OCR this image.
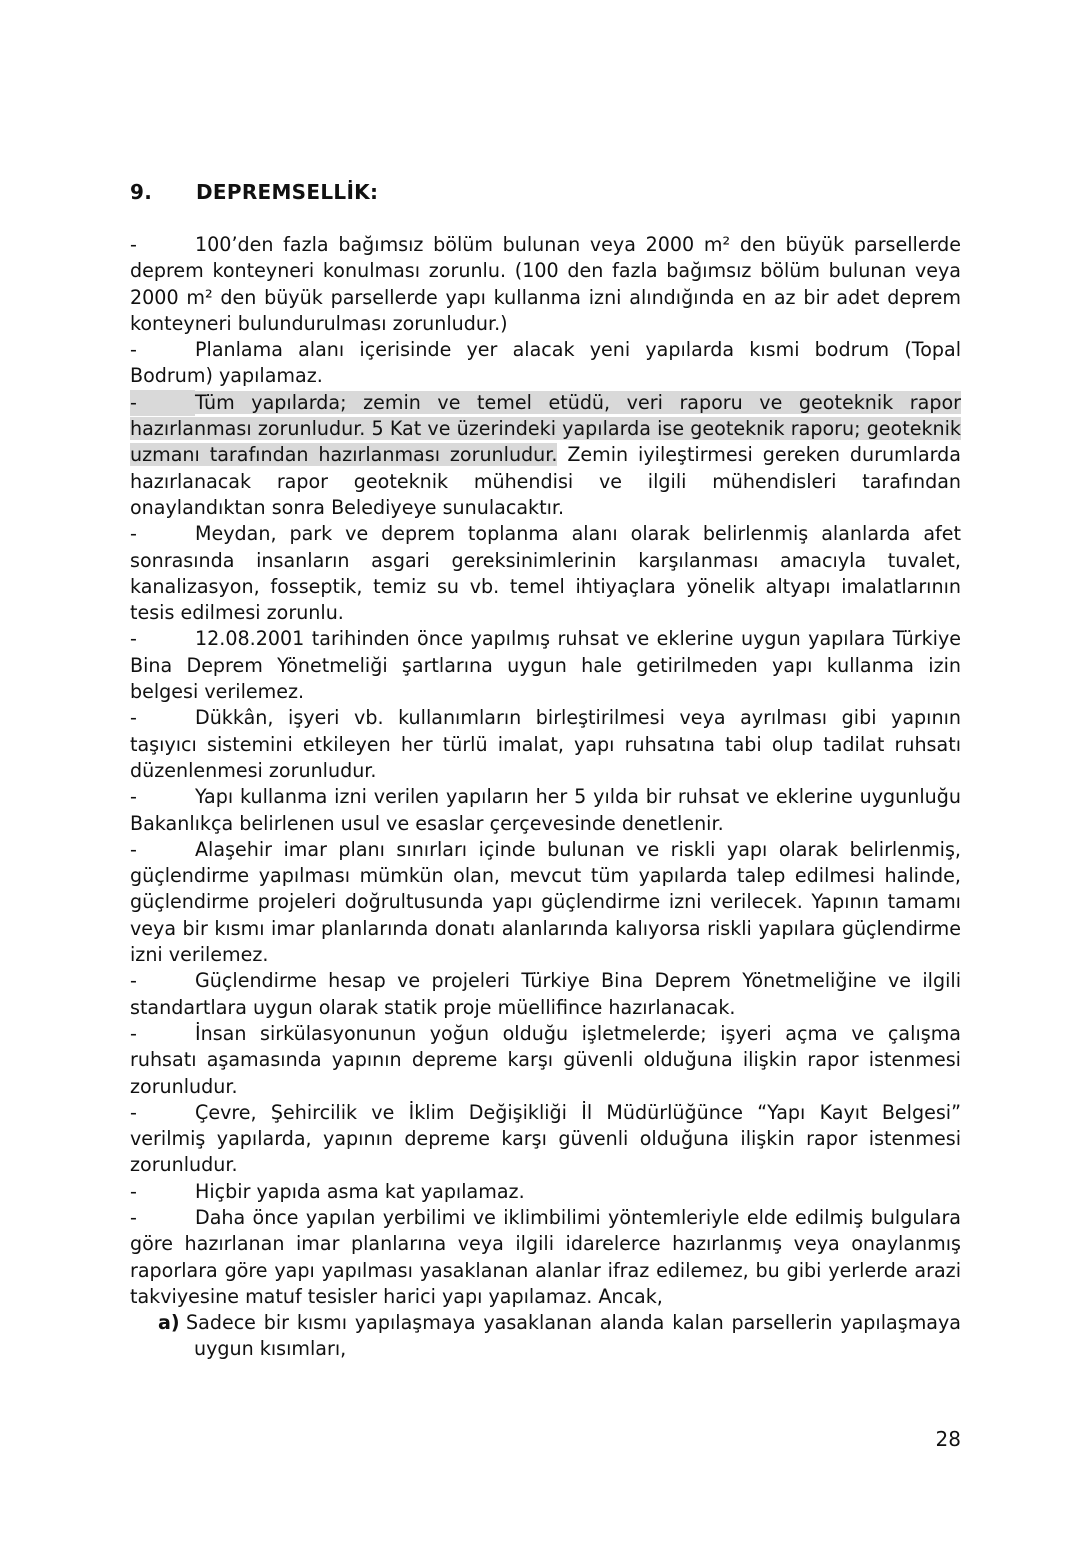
9. DEPREMSELLİK:

-	100’den fazla bağımsız bölüm bulunan veya 2000 m² den büyük parsellerde deprem konteyneri konulması zorunlu. (100 den fazla bağımsız bölüm bulunan veya 2000 m² den büyük parsellerde yapı kullanma izni alındığında en az bir adet deprem konteyneri bulundurulması zorunludur.)

-	Planlama alanı içerisinde yer alacak yeni yapılarda kısmi bodrum (Topal Bodrum) yapılamaz.

-	Tüm yapılarda; zemin ve temel etüdü, veri raporu ve geoteknik rapor hazırlanması zorunludur. 5 Kat ve üzerindeki yapılarda ise geoteknik raporu; geoteknik uzmanı tarafından hazırlanması zorunludur. Zemin iyileştirmesi gereken durumlarda hazırlanacak rapor geoteknik mühendisi ve ilgili mühendisleri tarafından onaylandıktan sonra Belediyeye sunulacaktır.

-	Meydan, park ve deprem toplanma alanı olarak belirlenmiş alanlarda afet sonrasında insanların asgari gereksinimlerinin karşılanması amacıyla tuvalet, kanalizasyon, fosseptik, temiz su vb. temel ihtiyaçlara yönelik altyapı imalatlarının tesis edilmesi zorunlu.

-	12.08.2001 tarihinden önce yapılmış ruhsat ve eklerine uygun yapılara Türkiye Bina Deprem Yönetmeliği şartlarına uygun hale getirilmeden yapı kullanma izin belgesi verilemez.

-	Dükkân, işyeri vb. kullanımların birleştirilmesi veya ayrılması gibi yapının taşıyıcı sistemini etkileyen her türlü imalat, yapı ruhsatına tabi olup tadilat ruhsatı düzenlenmesi zorunludur.

-	Yapı kullanma izni verilen yapıların her 5 yılda bir ruhsat ve eklerine uygunluğu Bakanlıkça belirlenen usul ve esaslar çerçevesinde denetlenir.

-	Alaşehir imar planı sınırları içinde bulunan ve riskli yapı olarak belirlenmiş, güçlendirme yapılması mümkün olan, mevcut tüm yapılarda talep edilmesi halinde, güçlendirme projeleri doğrultusunda yapı güçlendirme izni verilecek. Yapının tamamı veya bir kısmı imar planlarında donatı alanlarında kalıyorsa riskli yapılara güçlendirme izni verilemez.

-	Güçlendirme hesap ve projeleri Türkiye Bina Deprem Yönetmeliğine ve ilgili standartlara uygun olarak statik proje müellifince hazırlanacak.

-	İnsan sirkülasyonunun yoğun olduğu işletmelerde; işyeri açma ve çalışma ruhsatı aşamasında yapının depreme karşı güvenli olduğuna ilişkin rapor istenmesi zorunludur.

-	Çevre, Şehircilik ve İklim Değişikliği İl Müdürlüğünce “Yapı Kayıt Belgesi” verilmiş yapılarda, yapının depreme karşı güvenli olduğuna ilişkin rapor istenmesi zorunludur.

-	Hiçbir yapıda asma kat yapılamaz.

-	Daha önce yapılan yerbilimi ve iklimbilimi yöntemleriyle elde edilmiş bulgulara göre hazırlanan imar planlarına veya ilgili idarelerce hazırlanmış veya onaylanmış raporlara göre yapı yapılması yasaklanan alanlar ifraz edilemez, bu gibi yerlerde arazi takviyesine matuf tesisler harici yapı yapılamaz. Ancak,

a) Sadece bir kısmı yapılaşmaya yasaklanan alanda kalan parsellerin yapılaşmaya uygun kısımları,

28
